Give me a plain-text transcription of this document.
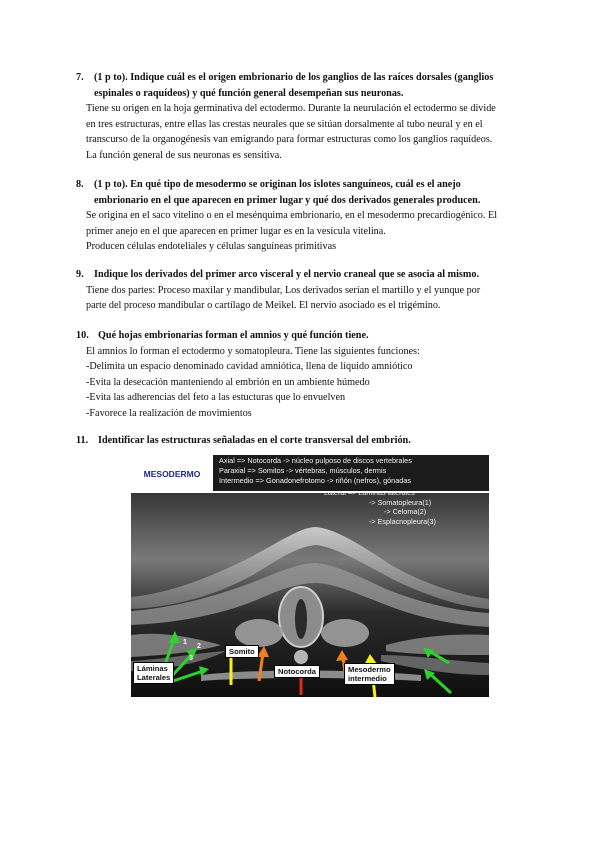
7. (1 p to). Indique cuál es el origen embrionario de los ganglios de las raíces dorsales (ganglios
espinales o raquídeos) y qué función general desempeñan sus neuronas.
Tiene su origen en la hoja germinativa del ectodermo. Durante la neurulación el ectodermo se divide
en tres estructuras, entre ellas las crestas neurales que se sitúan dorsalmente al tubo neural y en el
transcurso de la organogénesis van emigrando para formar estructuras como los ganglios raquídeos.
La función general de sus neuronas es sensitiva.
8. (1 p to). En qué tipo de mesodermo se originan los islotes sanguíneos, cuál es el anejo
embrionario en el que aparecen en primer lugar y qué dos derivados generales producen.
Se origina en el saco vitelino o en el mesénquima embrionario, en el mesodermo precardiogénico. El
primer anejo en el que aparecen en primer lugar es en la vesícula vitelina.
Producen células endoteliales y células sanguíneas primitivas
9. Indique los derivados del primer arco visceral y el nervio craneal que se asocia al mismo.
Tiene dos partes: Proceso maxilar y mandibular, Los derivados serían el martillo y el yunque por
parte del proceso mandibular o cartílago de Meikel. El nervio asociado es el trigémino.
10. Qué hojas embrionarias forman el amnios y qué función tiene.
El amnios lo forman el ectodermo y somatopleura. Tiene las siguientes funciones:
-Delimita un espacio denominado cavidad amniótica, llena de líquido amniótico
-Evita la desecación manteniendo al embrión en un ambiente húmedo
-Evita las adherencias del feto a las estucturas que lo envuelven
-Favorece la realización de movimientos
11. Identificar las estructuras señaladas en el corte transversal del embrión.
-> Somatopleura(1)
-> Celoma(2)
-> Esplacnopleura(3)
1
2
3
MESODERMO
Axial => Notocorda -> núcleo pulposo de discos vertebrales
Paraxial => Somitos -> vértebras, músculos, dermis
Intermedio => Gonadonefrotomo -> riñón (nefros), gónadas
Láminas
Laterales
Somito
Notocorda	Mesodermo
intermedio
